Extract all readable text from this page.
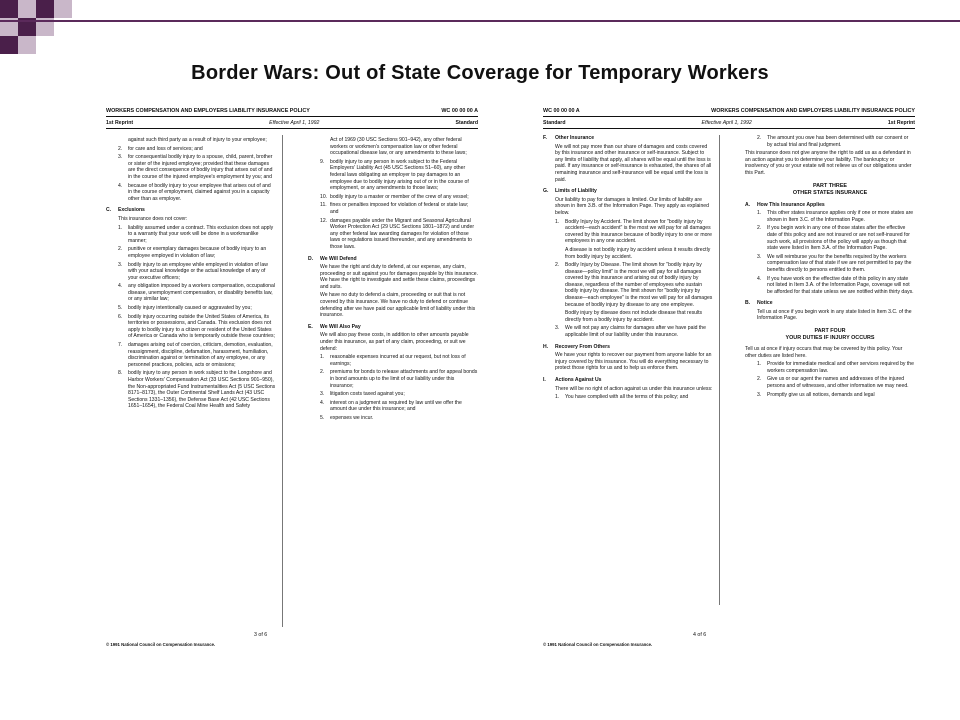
Border Wars: Out of State Coverage for Temporary Workers
WORKERS COMPENSATION AND EMPLOYERS LIABILITY INSURANCE POLICY	WC 00 00 00 A
1st Reprint	Effective April 1, 1992	Standard
against such third party as a result of injury to your employee;
2.	for care and loss of services; and
3.	for consequential bodily injury to a spouse, child, parent, brother or sister of the injured employee; provided that these damages are the direct consequence of bodily injury that arises out of and in the course of the injured employee's employment by you; and
4.	because of bodily injury to your employee that arises out of and in the course of employment, claimed against you in a capacity other than as employer.
C.	Exclusions
This insurance does not cover:
1.	liability assumed under a contract. This exclusion does not apply to a warranty that your work will be done in a workmanlike manner;
2.	punitive or exemplary damages because of bodily injury to an employee employed in violation of law;
3.	bodily injury to an employee while employed in violation of law with your actual knowledge or the actual knowledge of any of your executive officers;
4.	any obligation imposed by a workers compensation, occupational disease, unemployment compensation, or disability benefits law, or any similar law;
5.	bodily injury intentionally caused or aggravated by you;
6.	bodily injury occurring outside the United States of America, its territories or possessions, and Canada. This exclusion does not apply to bodily injury to a citizen or resident of the United States of America or Canada who is temporarily outside these countries;
7.	damages arising out of coercion, criticism, demotion, evaluation, reassignment, discipline, defamation, harassment, humiliation, discrimination against or termination of any employee, or any personnel practices, policies, acts or omissions;
8.	bodily injury to any person in work subject to the Longshore and Harbor Workers' Compensation Act (33 USC Sections 901–950), the Non-appropriated Fund Instrumentalities Act (5 USC Sections 8171–8173), the Outer Continental Shelf Lands Act (43 USC Sections 1331–1356), the Defense Base Act (42 USC Sections 1651–1654), the Federal Coal Mine Health and Safety
Act of 1969 (30 USC Sections 901–942), any other federal workers or workmen's compensation law or other federal occupational disease law, or any amendments to these laws;
9.	bodily injury to any person in work subject to the Federal Employers' Liability Act (45 USC Sections 51–60), any other federal laws obligating an employer to pay damages to an employee due to bodily injury arising out of or in the course of employment, or any amendments to those laws;
10. bodily injury to a master or member of the crew of any vessel;
11. fines or penalties imposed for violation of federal or state law; and
12. damages payable under the Migrant and Seasonal Agricultural Worker Protection Act (29 USC Sections 1801–1872) and under any other federal law awarding damages for violation of those laws or regulations issued thereunder, and any amendments to those laws.
D.	We Will Defend
We have the right and duty to defend, at our expense, any claim, proceeding or suit against you for damages payable by this insurance. We have the right to investigate and settle these claims, proceedings and suits.
We have no duty to defend a claim, proceeding or suit that is not covered by this insurance. We have no duty to defend or continue defending after we have paid our applicable limit of liability under this insurance.
E.	We Will Also Pay
We will also pay these costs, in addition to other amounts payable under this insurance, as part of any claim, proceeding, or suit we defend:
1.	reasonable expenses incurred at our request, but not loss of earnings;
2.	premiums for bonds to release attachments and for appeal bonds in bond amounts up to the limit of our liability under this insurance;
3.	litigation costs taxed against you;
4.	interest on a judgment as required by law until we offer the amount due under this insurance; and
5.	expenses we incur.
3 of 6
© 1991 National Council on Compensation Insurance.
WC 00 00 00 A	WORKERS COMPENSATION AND EMPLOYERS LIABILITY INSURANCE POLICY
Standard	Effective April 1, 1992	1st Reprint
F.	Other Insurance
We will not pay more than our share of damages and costs covered by this insurance and other insurance or self-insurance. Subject to any limits of liability that apply, all shares will be equal until the loss is paid. If any insurance or self-insurance is exhausted, the shares of all remaining insurance and self-insurance will be equal until the loss is paid.
G.	Limits of Liability
Our liability to pay for damages is limited. Our limits of liability are shown in Item 3.B. of the Information Page. They apply as explained below.
1.	Bodily Injury by Accident. The limit shown for "bodily injury by accident—each accident" is the most we will pay for all damages covered by this insurance because of bodily injury to one or more employees in any one accident.
A disease is not bodily injury by accident unless it results directly from bodily injury by accident.
2.	Bodily Injury by Disease. The limit shown for "bodily injury by disease—policy limit" is the most we will pay for all damages covered by this insurance and arising out of bodily injury by disease, regardless of the number of employees who sustain bodily injury by disease. The limit shown for "bodily injury by disease—each employee" is the most we will pay for all damages because of bodily injury by disease to any one employee.
Bodily injury by disease does not include disease that results directly from a bodily injury by accident.
3.	We will not pay any claims for damages after we have paid the applicable limit of our liability under this insurance.
H.	Recovery From Others
We have your rights to recover our payment from anyone liable for an injury covered by this insurance. You will do everything necessary to protect those rights for us and to help us enforce them.
I.	Actions Against Us
There will be no right of action against us under this insurance unless:
1.	You have complied with all the terms of this policy; and
2.	The amount you owe has been determined with our consent or by actual trial and final judgment.
This insurance does not give anyone the right to add us as a defendant in an action against you to determine your liability. The bankruptcy or insolvency of you or your estate will not relieve us of our obligations under this Part.
PART THREE
OTHER STATES INSURANCE
A.	How This Insurance Applies
1.	This other states insurance applies only if one or more states are shown in Item 3.C. of the Information Page.
2.	If you begin work in any one of those states after the effective date of this policy and are not insured or are not self-insured for such work, all provisions of the policy will apply as though that state were listed in Item 3.A. of the Information Page.
3.	We will reimburse you for the benefits required by the workers compensation law of that state if we are not permitted to pay the benefits directly to persons entitled to them.
4.	If you have work on the effective date of this policy in any state not listed in Item 3.A. of the Information Page, coverage will not be afforded for that state unless we are notified within thirty days.
B.	Notice
Tell us at once if you begin work in any state listed in Item 3.C. of the Information Page.
PART FOUR
YOUR DUTIES IF INJURY OCCURS
Tell us at once if injury occurs that may be covered by this policy. Your other duties are listed here.
1.	Provide for immediate medical and other services required by the workers compensation law.
2.	Give us or our agent the names and addresses of the injured persons and of witnesses, and other information we may need.
3.	Promptly give us all notices, demands and legal
4 of 6
© 1991 National Council on Compensation Insurance.
